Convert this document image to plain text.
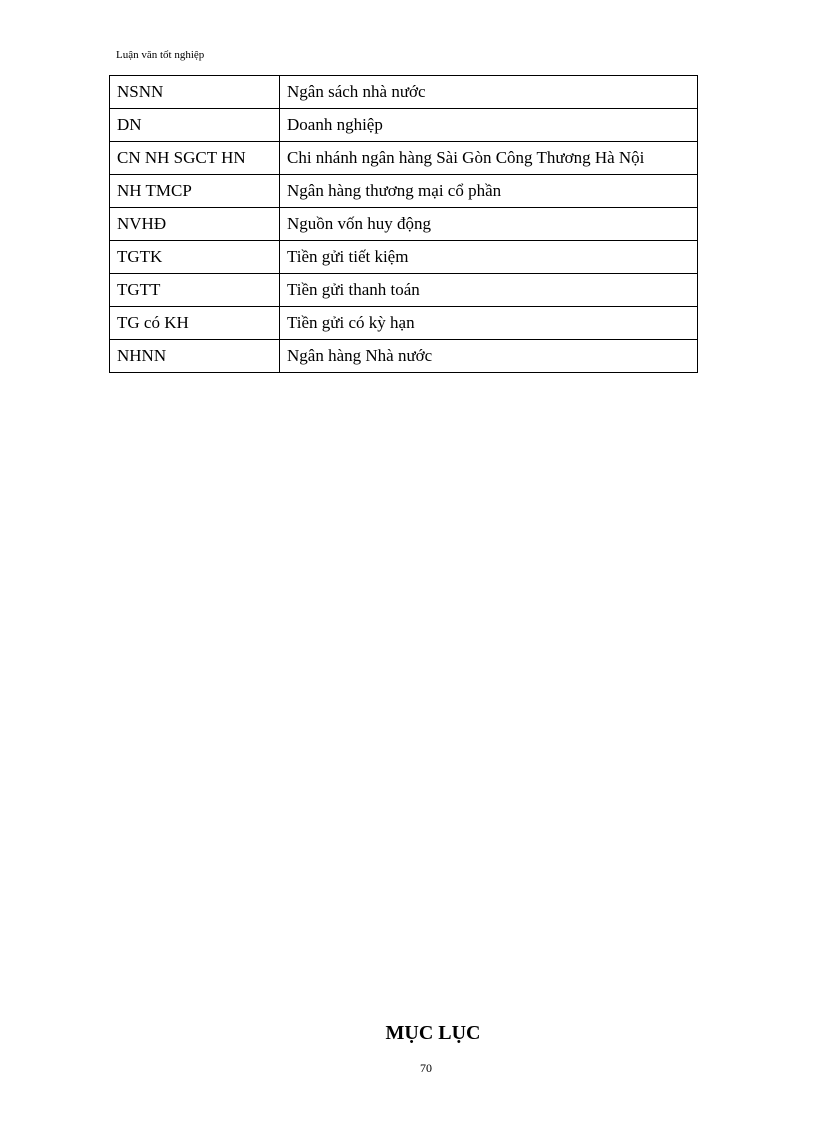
Luận văn tốt nghiệp
NSNN	Ngân sách nhà nước
DN	Doanh nghiệp
CN NH SGCT HN	Chi nhánh ngân hàng Sài Gòn Công Thương Hà Nội
NH TMCP	Ngân hàng thương mại cổ phần
NVHĐ	Nguồn vốn huy động
TGTK	Tiền gửi tiết kiệm
TGTT	Tiền gửi thanh toán
TG có KH	Tiền gửi có kỳ hạn
NHNN	Ngân hàng Nhà nước
MỤC LỤC
70
